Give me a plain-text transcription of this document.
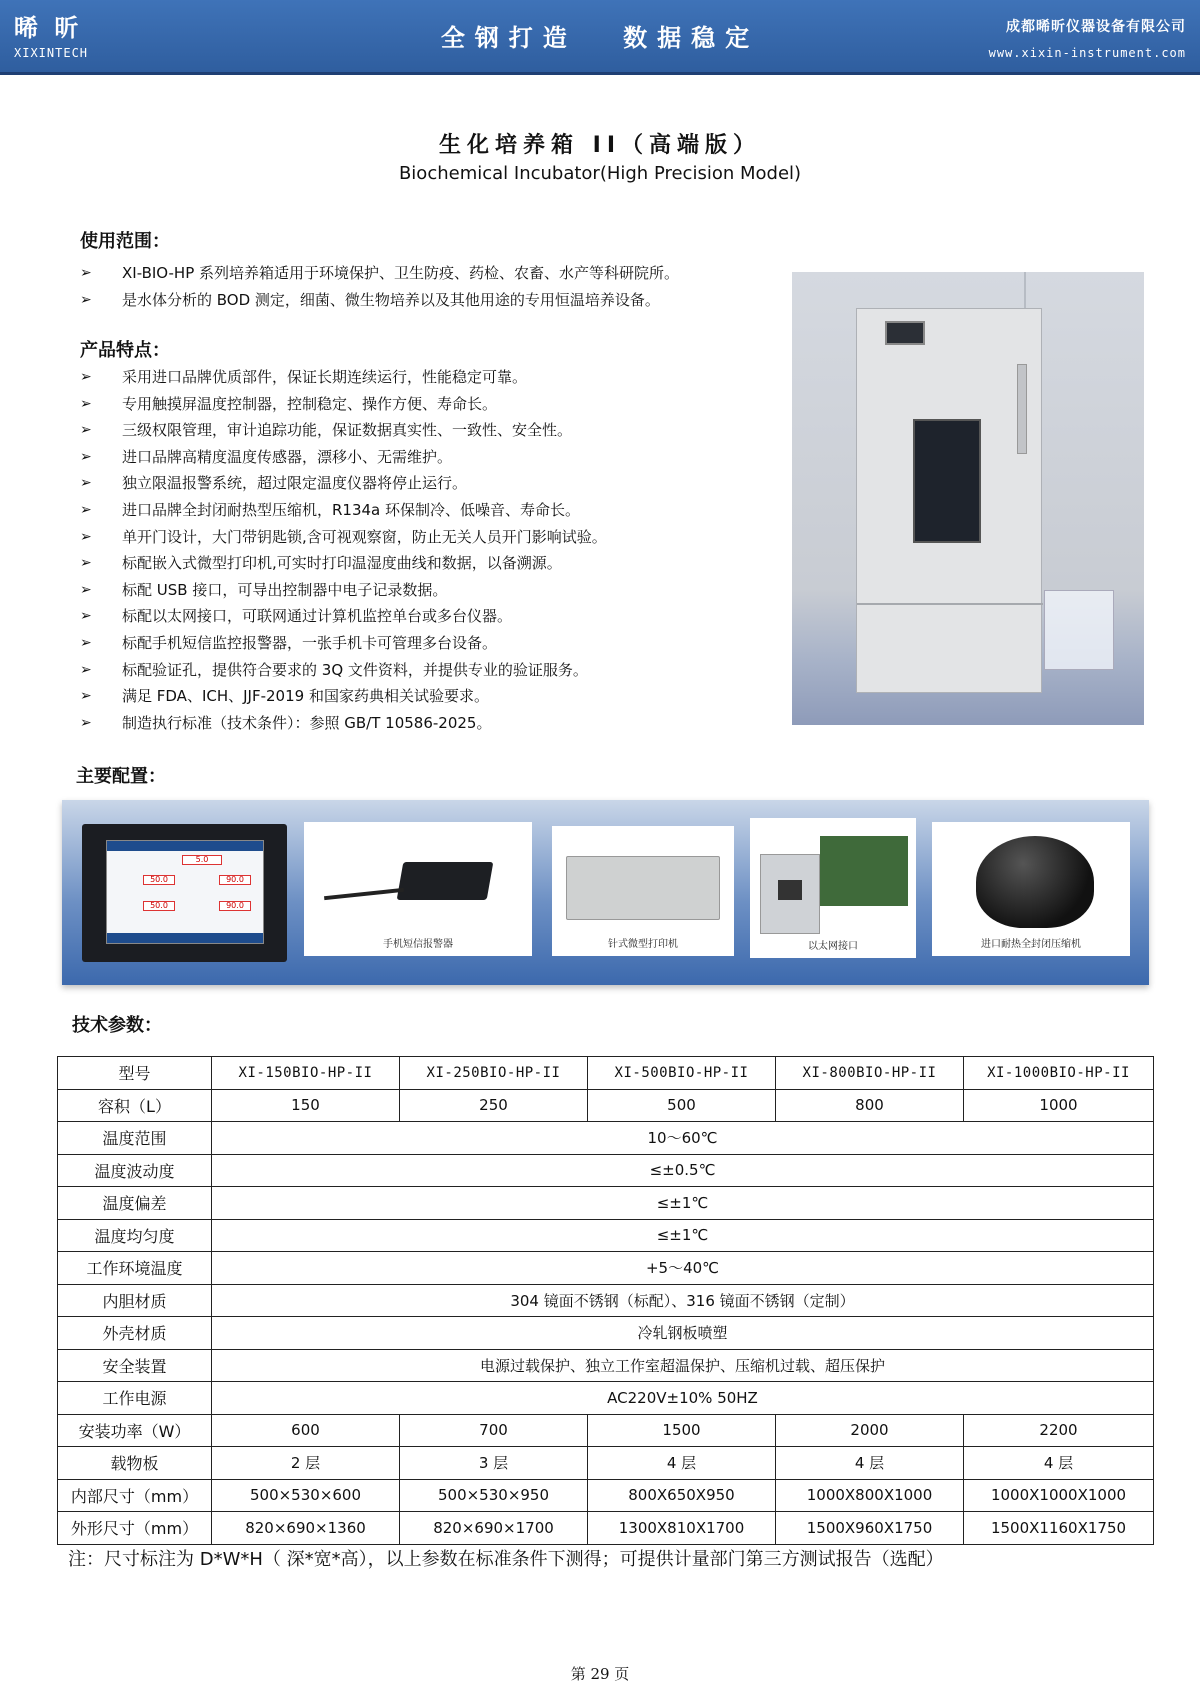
晞 昕
XIXINTECH
全钢打造 数据稳定	成都晞昕仪器设备有限公司
www.xixin-instrument.com
生化培养箱 II（高端版）
Biochemical Incubator(High Precision Model)
使用范围：
➢ XI-BIO-HP 系列培养箱适用于环境保护、卫生防疫、药检、农畜、水产等科研院所。
➢ 是水体分析的 BOD 测定，细菌、微生物培养以及其他用途的专用恒温培养设备。
产品特点：
➢ 采用进口品牌优质部件，保证长期连续运行，性能稳定可靠。
➢ 专用触摸屏温度控制器，控制稳定、操作方便、寿命长。
➢ 三级权限管理，审计追踪功能，保证数据真实性、一致性、安全性。
➢ 进口品牌高精度温度传感器，漂移小、无需维护。
➢ 独立限温报警系统，超过限定温度仪器将停止运行。
➢ 进口品牌全封闭耐热型压缩机，R134a 环保制冷、低噪音、寿命长。
➢ 单开门设计，大门带钥匙锁,含可视观察窗，防止无关人员开门影响试验。
➢ 标配嵌入式微型打印机,可实时打印温湿度曲线和数据，以备溯源。
➢ 标配 USB 接口，可导出控制器中电子记录数据。
➢ 标配以太网接口，可联网通过计算机监控单台或多台仪器。
➢ 标配手机短信监控报警器，一张手机卡可管理多台设备。
➢ 标配验证孔，提供符合要求的 3Q 文件资料，并提供专业的验证服务。
➢ 满足 FDA、ICH、JJF-2019 和国家药典相关试验要求。
➢ 制造执行标准（技术条件）：参照 GB/T 10586-2025。
主要配置：
5.0
50.0	90.0
50.0	90.0
手机短信报警器	针式微型打印机	以太网接口	进口耐热全封闭压缩机
技术参数：
型号	XI-150BIO-HP-II	XI-250BIO-HP-II	XI-500BIO-HP-II	XI-800BIO-HP-II	XI-1000BIO-HP-II
容积（L）	150	250	500	800	1000
温度范围	10～60℃				
温度波动度	≤±0.5℃				
温度偏差	≤±1℃				
温度均匀度	≤±1℃				
工作环境温度	+5～40℃				
内胆材质	304 镜面不锈钢（标配）、316 镜面不锈钢（定制）				
外壳材质	冷轧钢板喷塑				
安全装置	电源过载保护、独立工作室超温保护、压缩机过载、超压保护				
工作电源	AC220V±10% 50HZ				
安装功率（W）	600	700	1500	2000	2200
载物板	2 层	3 层	4 层	4 层	4 层
内部尺寸（mm）	500×530×600	500×530×950	800X650X950	1000X800X1000	1000X1000X1000
外形尺寸（mm）	820×690×1360	820×690×1700	1300X810X1700	1500X960X1750	1500X1160X1750
注：尺寸标注为 D*W*H（ 深*宽*高），以上参数在标准条件下测得；可提供计量部门第三方测试报告（选配）
第 29 页
